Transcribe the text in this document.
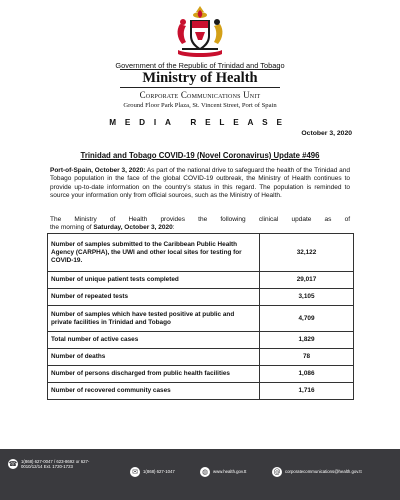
Government of the Republic of Trinidad and Tobago
Ministry of Health
Corporate Communications Unit
Ground Floor Park Plaza, St. Vincent Street, Port of Spain
MEDIA RELEASE
October 3, 2020
Trinidad and Tobago COVID-19 (Novel Coronavirus) Update #496
Port-of-Spain, October 3, 2020: As part of the national drive to safeguard the health of the Trinidad and Tobago population in the face of the global COVID-19 outbreak, the Ministry of Health continues to provide up-to-date information on the country’s status in this regard. The population is reminded to source your information only from official sources, such as the Ministry of Health.
The Ministry of Health provides the following clinical update as of
the morning of Saturday, October 3, 2020:
Number of samples submitted to the Caribbean Public Health Agency (CARPHA), the UWI and other local sites for testing for COVID-19.	32,122
Number of unique patient tests completed	29,017
Number of repeated tests	3,105
Number of samples which have tested positive at public and private facilities in Trinidad and Tobago	4,709
Total number of active cases	1,829
Number of deaths	78
Number of persons discharged from public health facilities	1,086
Number of recovered community cases	1,716
☎ 1(868) 627-0047 / 623-8692 or 627-0010/12/14 Ext. 1720-1723
✉	1(868) 627-1047	◍	www.health.gov.tt	@	corporatecommunications@health.gov.tt
